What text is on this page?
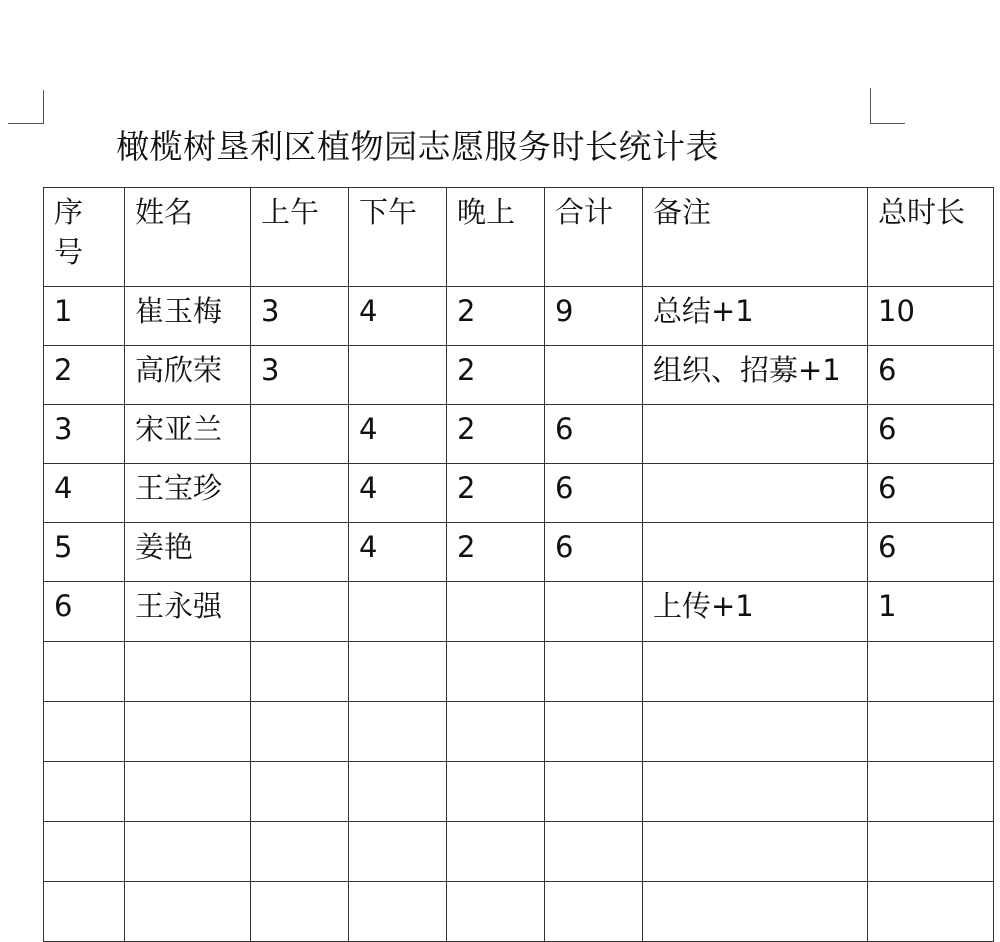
橄榄树垦利区植物园志愿服务时长统计表
序号	姓名	上午	下午	晚上	合计	备注	总时长

1	崔玉梅	3	4	2	9	总结+1	10

2	高欣荣	3		2		组织、招募+1	6

3	宋亚兰		4	2	6		6

4	王宝珍		4	2	6		6

5	姜艳		4	2	6		6

6	王永强					上传+1	1
